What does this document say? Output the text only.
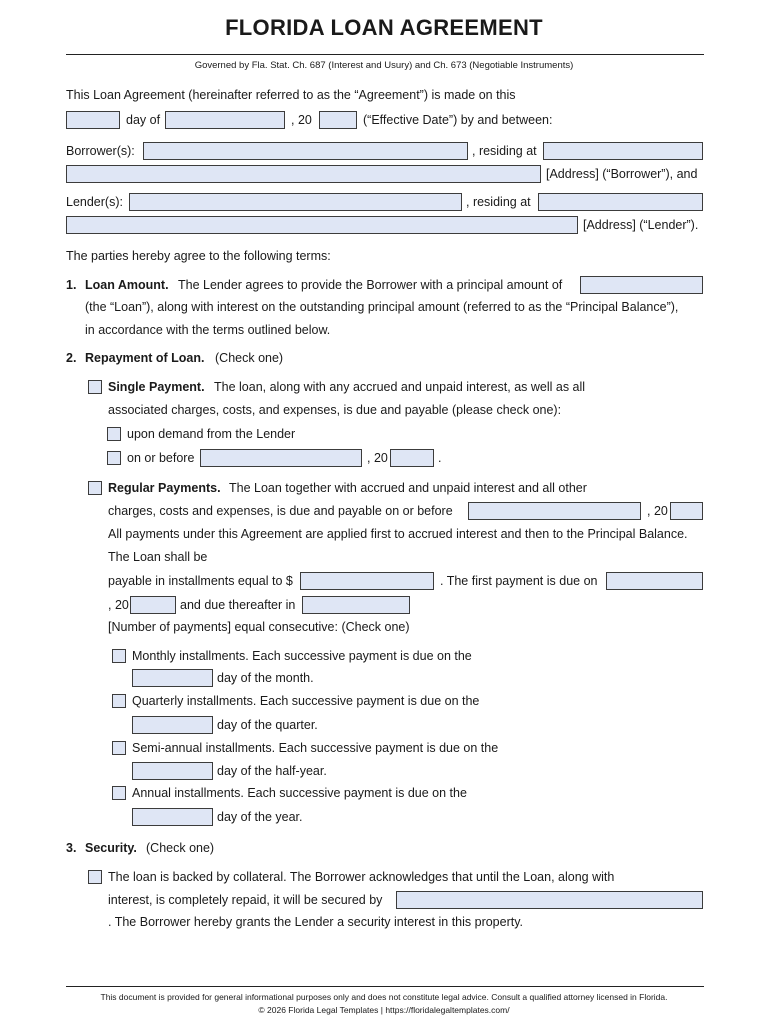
FLORIDA LOAN AGREEMENT
Governed by Fla. Stat. Ch. 687 (Interest and Usury) and Ch. 673 (Negotiable Instruments)
This Loan Agreement (hereinafter referred to as the “Agreement”) is made on this
day of	, 20	(“Effective Date”) by and between:
Borrower(s):	, residing at
[Address] (“Borrower”), and
Lender(s):	, residing at
[Address] (“Lender”).
The parties hereby agree to the following terms:
1. Loan Amount. The Lender agrees to provide the Borrower with a principal amount of
(the “Loan”), along with interest on the outstanding principal amount (referred to as the “Principal Balance”),
in accordance with the terms outlined below.
2. Repayment of Loan. (Check one)
Single Payment. The loan, along with any accrued and unpaid interest, as well as all
associated charges, costs, and expenses, is due and payable (please check one):
upon demand from the Lender
on or before	, 20	.
Regular Payments. The Loan together with accrued and unpaid interest and all other
charges, costs and expenses, is due and payable on or before	, 20
All payments under this Agreement are applied first to accrued interest and then to the Principal Balance.
The Loan shall be
payable in installments equal to $	. The first payment is due on
, 20	and due thereafter in
[Number of payments] equal consecutive: (Check one)
Monthly installments. Each successive payment is due on the
day of the month.
Quarterly installments. Each successive payment is due on the
day of the quarter.
Semi-annual installments. Each successive payment is due on the
day of the half-year.
Annual installments. Each successive payment is due on the
day of the year.
3. Security. (Check one)
The loan is backed by collateral. The Borrower acknowledges that until the Loan, along with
interest, is completely repaid, it will be secured by
. The Borrower hereby grants the Lender a security interest in this property.
This document is provided for general informational purposes only and does not constitute legal advice. Consult a qualified attorney licensed in Florida.
© 2026 Florida Legal Templates | https://floridalegaltemplates.com/
